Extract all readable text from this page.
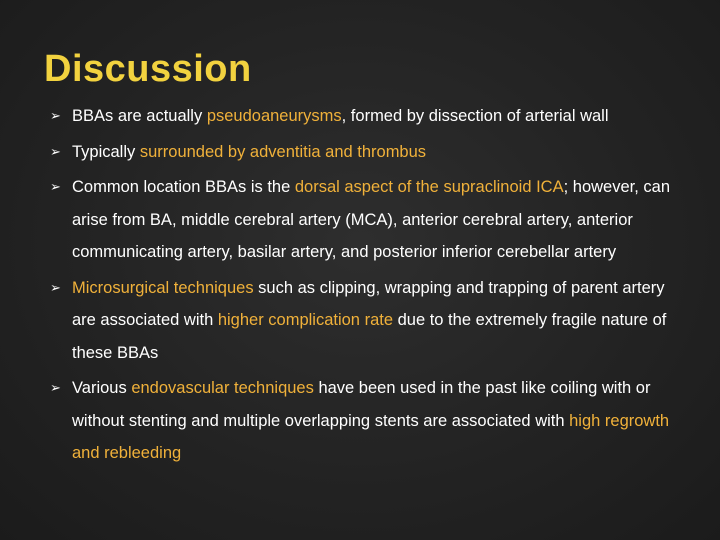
Discussion
➢ BBAs are actually pseudoaneurysms, formed by dissection of arterial wall
➢ Typically surrounded by adventitia and thrombus
➢ Common location BBAs is the dorsal aspect of the supraclinoid ICA; however, can arise from BA, middle cerebral artery (MCA), anterior cerebral artery, anterior communicating artery, basilar artery, and posterior inferior cerebellar artery
➢ Microsurgical techniques such as clipping, wrapping and trapping of parent artery are associated with higher complication rate due to the extremely fragile nature of these BBAs
➢ Various endovascular techniques have been used in the past like coiling with or without stenting and multiple overlapping stents are associated with high regrowth and rebleeding
